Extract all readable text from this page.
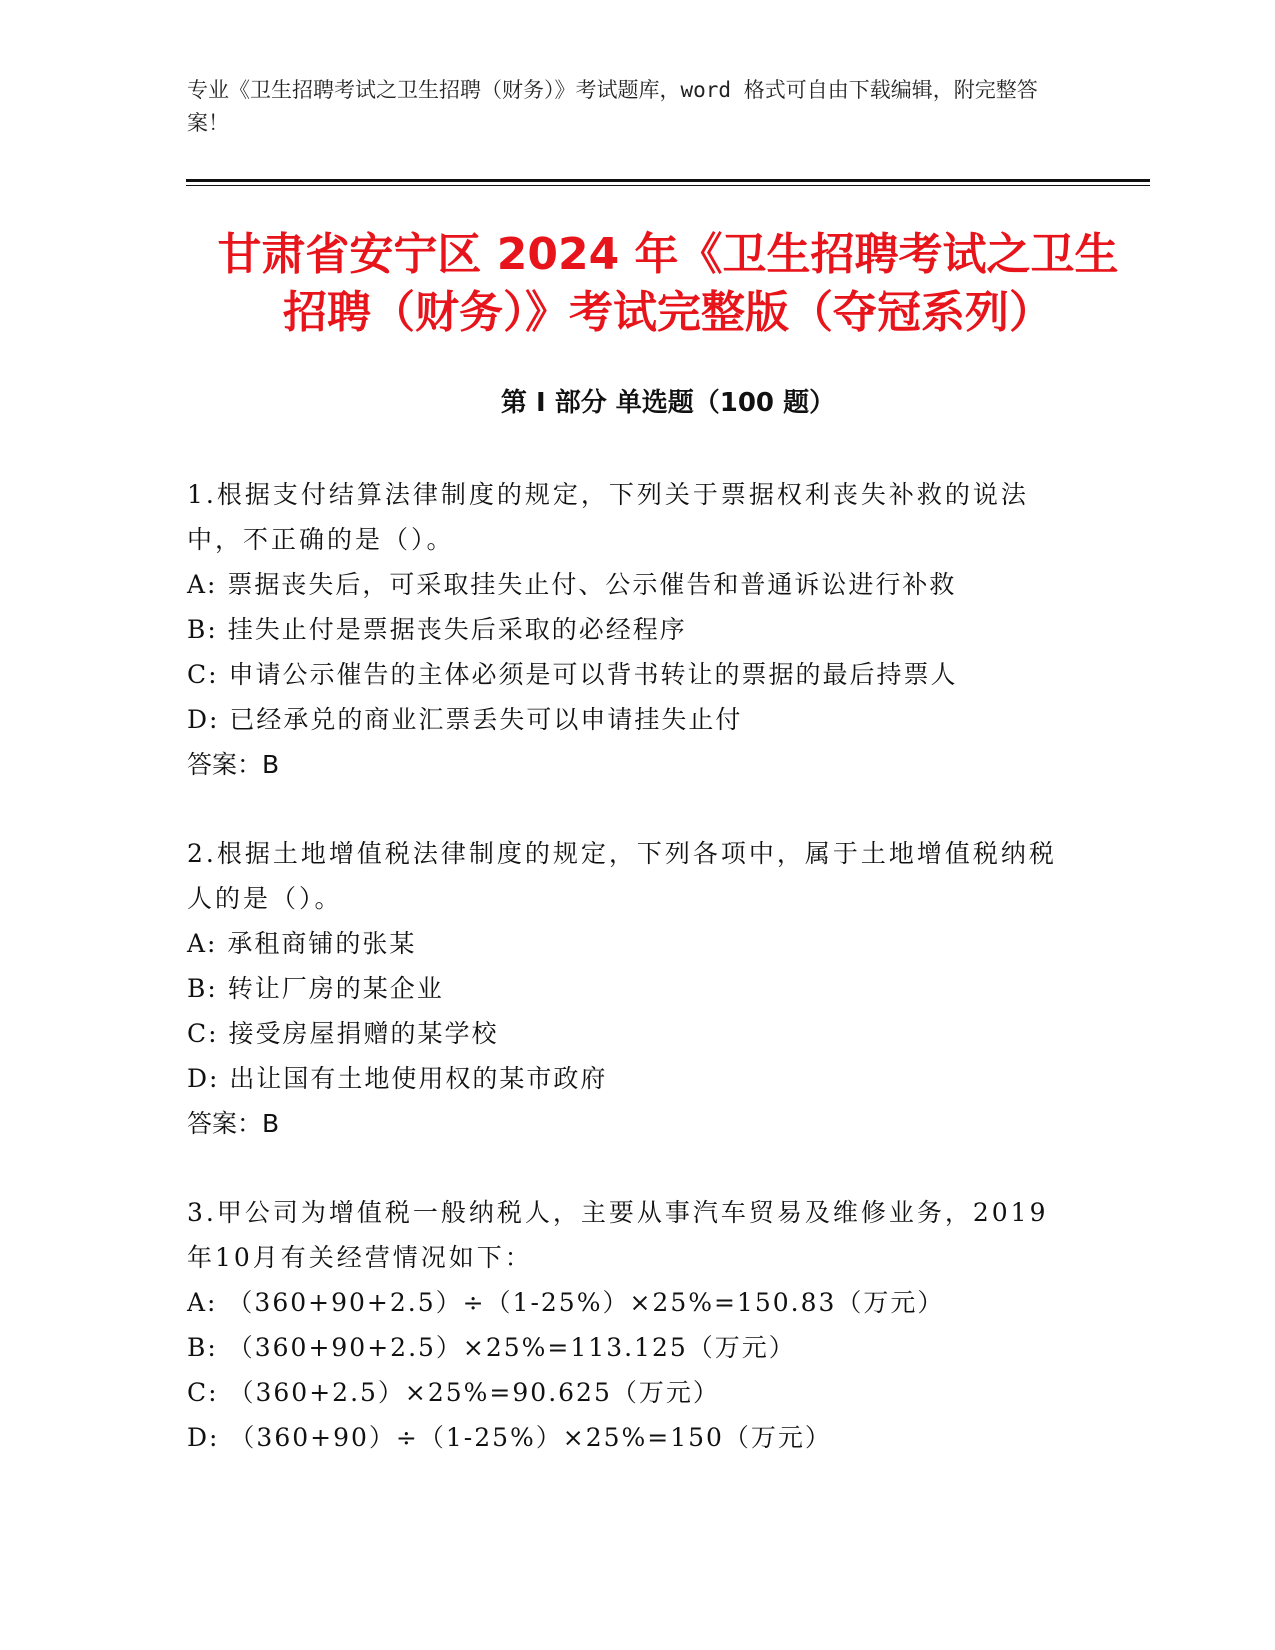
专业《卫生招聘考试之卫生招聘（财务）》考试题库，word 格式可自由下载编辑，附完整答案！
甘肃省安宁区 2024 年《卫生招聘考试之卫生
招聘（财务）》考试完整版（夺冠系列）
第 I 部分 单选题（100 题）
1.根据支付结算法律制度的规定，下列关于票据权利丧失补救的说法中，不正确的是（）。
A: 票据丧失后，可采取挂失止付、公示催告和普通诉讼进行补救
B: 挂失止付是票据丧失后采取的必经程序
C: 申请公示催告的主体必须是可以背书转让的票据的最后持票人
D: 已经承兑的商业汇票丢失可以申请挂失止付
答案：B
2.根据土地增值税法律制度的规定，下列各项中，属于土地增值税纳税人的是（）。
A: 承租商铺的张某
B: 转让厂房的某企业
C: 接受房屋捐赠的某学校
D: 出让国有土地使用权的某市政府
答案：B
3.甲公司为增值税一般纳税人，主要从事汽车贸易及维修业务，2019年10月有关经营情况如下：
A: （360+90+2.5）÷（1-25%）×25%=150.83（万元）
B: （360+90+2.5）×25%=113.125（万元）
C: （360+2.5）×25%=90.625（万元）
D: （360+90）÷（1-25%）×25%=150（万元）
